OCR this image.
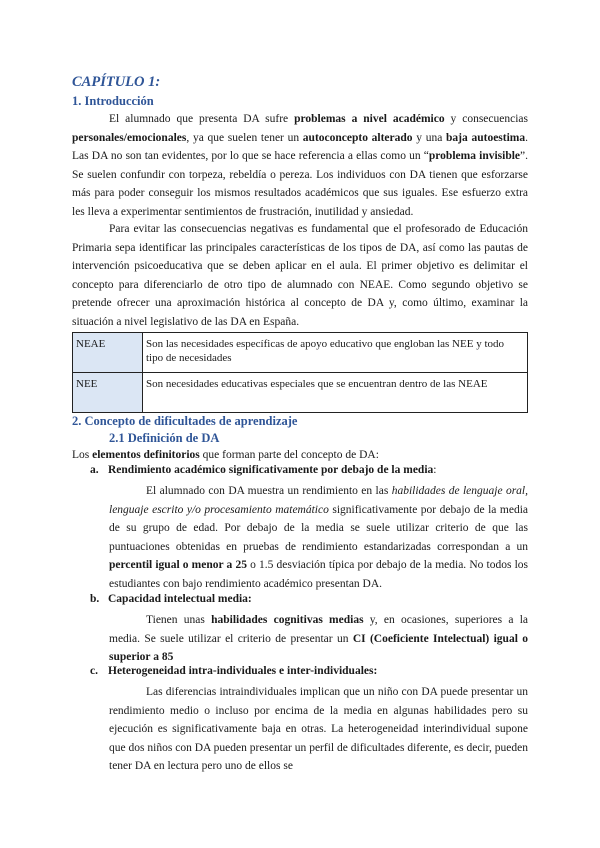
CAPÍTULO 1:
1. Introducción

El alumnado que presenta DA sufre problemas a nivel académico y consecuencias personales/emocionales, ya que suelen tener un autoconcepto alterado y una baja autoestima. Las DA no son tan evidentes, por lo que se hace referencia a ellas como un “problema invisible”. Se suelen confundir con torpeza, rebeldía o pereza. Los individuos con DA tienen que esforzarse más para poder conseguir los mismos resultados académicos que sus iguales. Ese esfuerzo extra les lleva a experimentar sentimientos de frustración, inutilidad y ansiedad.

Para evitar las consecuencias negativas es fundamental que el profesorado de Educación Primaria sepa identificar las principales características de los tipos de DA, así como las pautas de intervención psicoeducativa que se deben aplicar en el aula. El primer objetivo es delimitar el concepto para diferenciarlo de otro tipo de alumnado con NEAE. Como segundo objetivo se pretende ofrecer una aproximación histórica al concepto de DA y, como último, examinar la situación a nivel legislativo de las DA en España.

NEAE	Son las necesidades específicas de apoyo educativo que engloban las NEE y todo tipo de necesidades
NEE	Son necesidades educativas especiales que se encuentran dentro de las NEAE
2. Concepto de dificultades de aprendizaje
2.1 Definición de DA

Los elementos definitorios que forman parte del concepto de DA:

a. Rendimiento académico significativamente por debajo de la media:

El alumnado con DA muestra un rendimiento en las habilidades de lenguaje oral, lenguaje escrito y/o procesamiento matemático significativamente por debajo de la media de su grupo de edad. Por debajo de la media se suele utilizar criterio de que las puntuaciones obtenidas en pruebas de rendimiento estandarizadas correspondan a un percentil igual o menor a 25 o 1.5 desviación típica por debajo de la media. No todos los estudiantes con bajo rendimiento académico presentan DA.

b. Capacidad intelectual media:

Tienen unas habilidades cognitivas medias y, en ocasiones, superiores a la media. Se suele utilizar el criterio de presentar un CI (Coeficiente Intelectual) igual o superior a 85

c. Heterogeneidad intra-individuales e inter-individuales:

Las diferencias intraindividuales implican que un niño con DA puede presentar un rendimiento medio o incluso por encima de la media en algunas habilidades pero su ejecución es significativamente baja en otras. La heterogeneidad interindividual supone que dos niños con DA pueden presentar un perfil de dificultades diferente, es decir, pueden tener DA en lectura pero uno de ellos se
